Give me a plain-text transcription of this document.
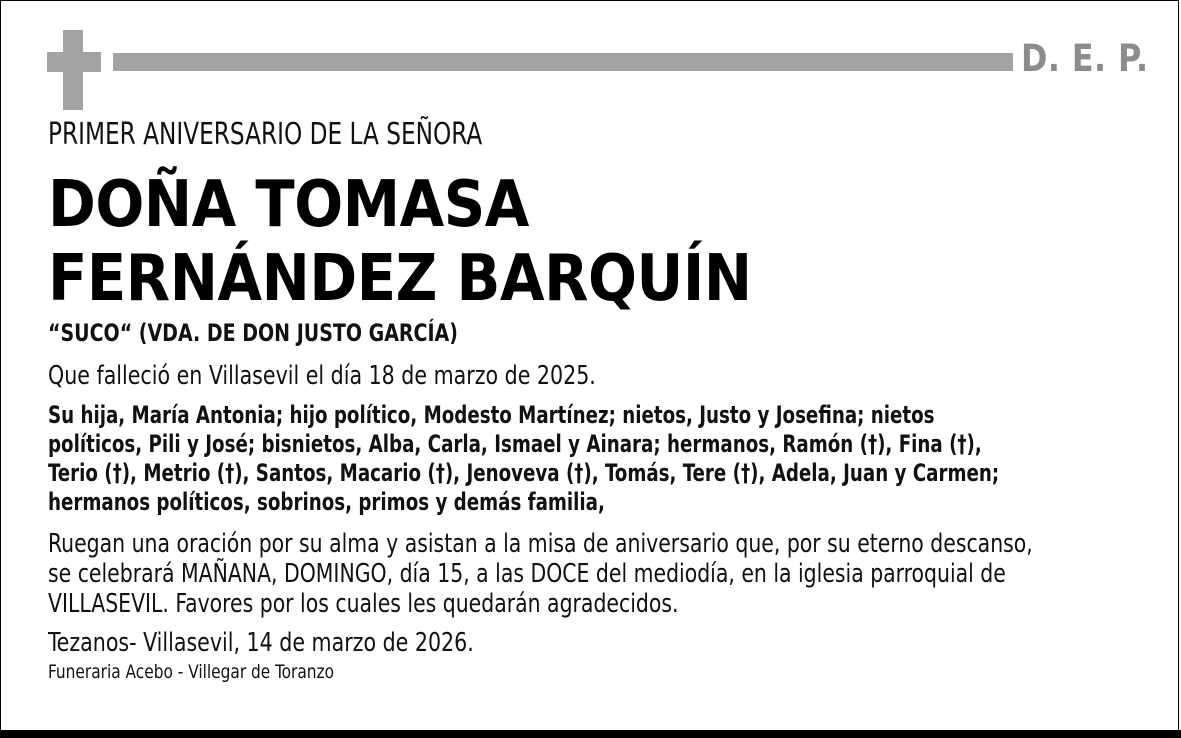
D. E. P.
PRIMER ANIVERSARIO DE LA SEÑORA
DOÑA TOMASA
FERNÁNDEZ BARQUÍN
“SUCO“ (VDA. DE DON JUSTO GARCÍA)
Que falleció en Villasevil el día 18 de marzo de 2025.
Su hija, María Antonia; hijo político, Modesto Martínez; nietos, Justo y Josefina; nietos
políticos, Pili y José; bisnietos, Alba, Carla, Ismael y Ainara; hermanos, Ramón (†), Fina (†),
Terio (†), Metrio (†), Santos, Macario (†), Jenoveva (†), Tomás, Tere (†), Adela, Juan y Carmen;
hermanos políticos, sobrinos, primos y demás familia,
Ruegan una oración por su alma y asistan a la misa de aniversario que, por su eterno descanso,
se celebrará MAÑANA, DOMINGO, día 15, a las DOCE del mediodía, en la iglesia parroquial de
VILLASEVIL. Favores por los cuales les quedarán agradecidos.
Tezanos- Villasevil, 14 de marzo de 2026.
Funeraria Acebo - Villegar de Toranzo
